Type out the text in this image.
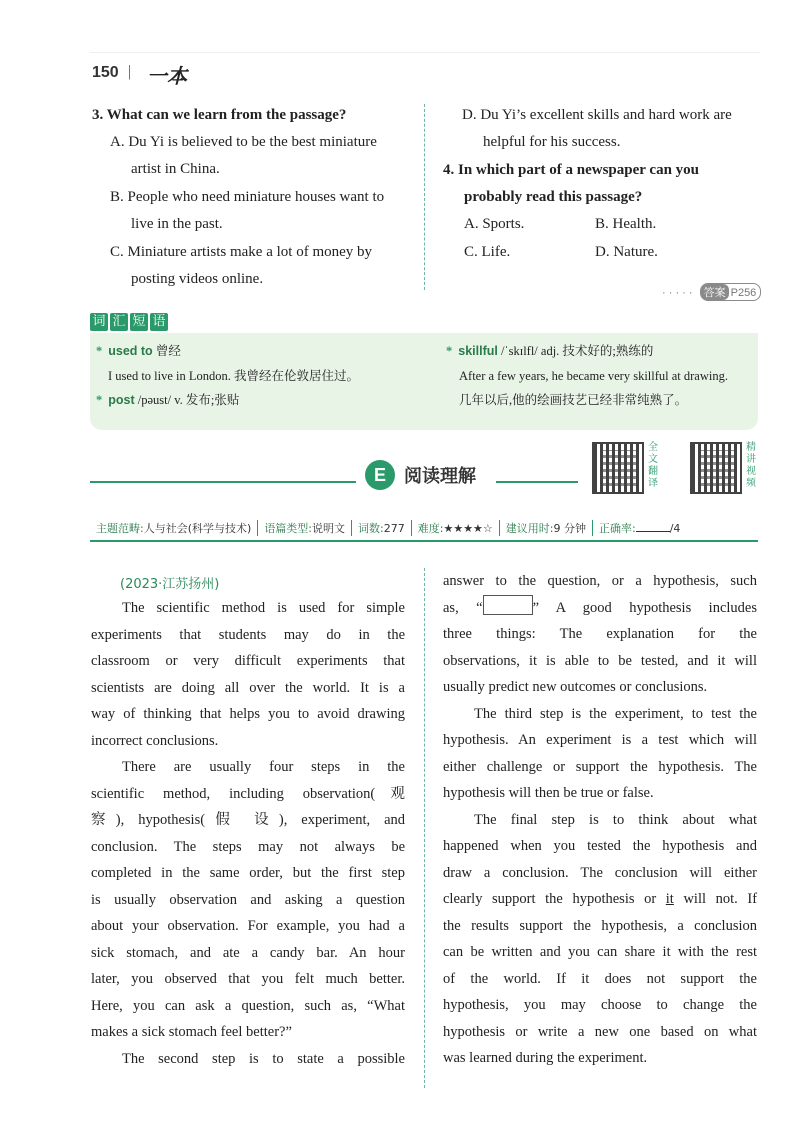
150 | 一本
3. What can we learn from the passage?
A. Du Yi is believed to be the best miniature
artist in China.
B. People who need miniature houses want to
live in the past.
C. Miniature artists make a lot of money by
posting videos online.
D. Du Yi’s excellent skills and hard work are
helpful for his success.
4. In which part of a newspaper can you
probably read this passage?
A. Sports.	B. Health.
C. Life.	D. Nature.
· · · · · 答案 P256
词 汇 短 语
* used to 曾经
I used to live in London. 我曾经在伦敦居住过。
* post /pəust/ v. 发布;张贴
* skillful /ˈskɪlfl/ adj. 技术好的;熟练的
After a few years, he became very skillful at drawing.
几年以后,他的绘画技艺已经非常纯熟了。
E	阅读理解
全文翻译
精讲视频
主题范畴:人与社会(科学与技术)	语篇类型:说明文	词数:277	难度:★★★★☆	建议用时:9 分钟	正确率:	/4
(2023·江苏扬州)
The scientific method is used for simple
experiments that students may do in the
classroom or very difficult experiments that
scientists are doing all over the world. It is a
way of thinking that helps you to avoid drawing
incorrect conclusions.
There are usually four steps in the
scientific method, including observation(观
察), hypothesis(假 设), experiment, and
conclusion. The steps may not always be
completed in the same order, but the first step
is usually observation and asking a question
about your observation. For example, you had a
sick stomach, and ate a candy bar. An hour
later, you observed that you felt much better.
Here, you can ask a question, such as, “What
makes a sick stomach feel better?”
The second step is to state a possible
answer to the question, or a hypothesis, such
as, “	” A good hypothesis includes
three things: The explanation for the
observations, it is able to be tested, and it will
usually predict new outcomes or conclusions.
The third step is the experiment, to test the
hypothesis. An experiment is a test which will
either challenge or support the hypothesis. The
hypothesis will then be true or false.
The final step is to think about what
happened when you tested the hypothesis and
draw a conclusion. The conclusion will either
clearly support the hypothesis or it will not. If
the results support the hypothesis, a conclusion
can be written and you can share it with the rest
of the world. If it does not support the
hypothesis, you may choose to change the
hypothesis or write a new one based on what
was learned during the experiment.
